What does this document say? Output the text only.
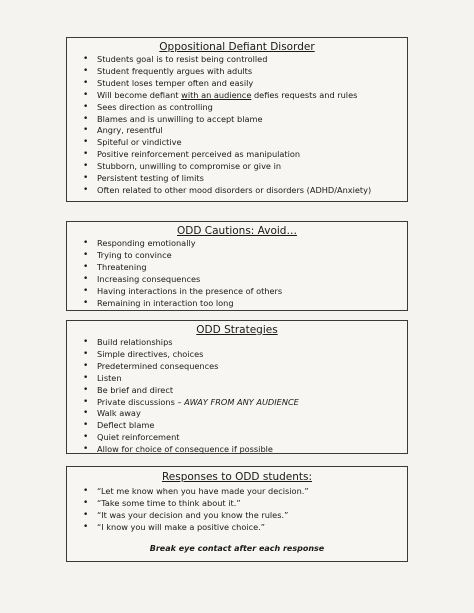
Oppositional Defiant Disorder
• Students goal is to resist being controlled
• Student frequently argues with adults
• Student loses temper often and easily
• Will become defiant with an audience defies requests and rules
• Sees direction as controlling
• Blames and is unwilling to accept blame
• Angry, resentful
• Spiteful or vindictive
• Positive reinforcement perceived as manipulation
• Stubborn, unwilling to compromise or give in
• Persistent testing of limits
• Often related to other mood disorders or disorders (ADHD/Anxiety)
ODD Cautions: Avoid…
• Responding emotionally
• Trying to convince
• Threatening
• Increasing consequences
• Having interactions in the presence of others
• Remaining in interaction too long
ODD Strategies
• Build relationships
• Simple directives, choices
• Predetermined consequences
• Listen
• Be brief and direct
• Private discussions – AWAY FROM ANY AUDIENCE
• Walk away
• Deflect blame
• Quiet reinforcement
• Allow for choice of consequence if possible
Responses to ODD students:
• “Let me know when you have made your decision.”
• “Take some time to think about it.”
• “It was your decision and you know the rules.”
• “I know you will make a positive choice.”
Break eye contact after each response
